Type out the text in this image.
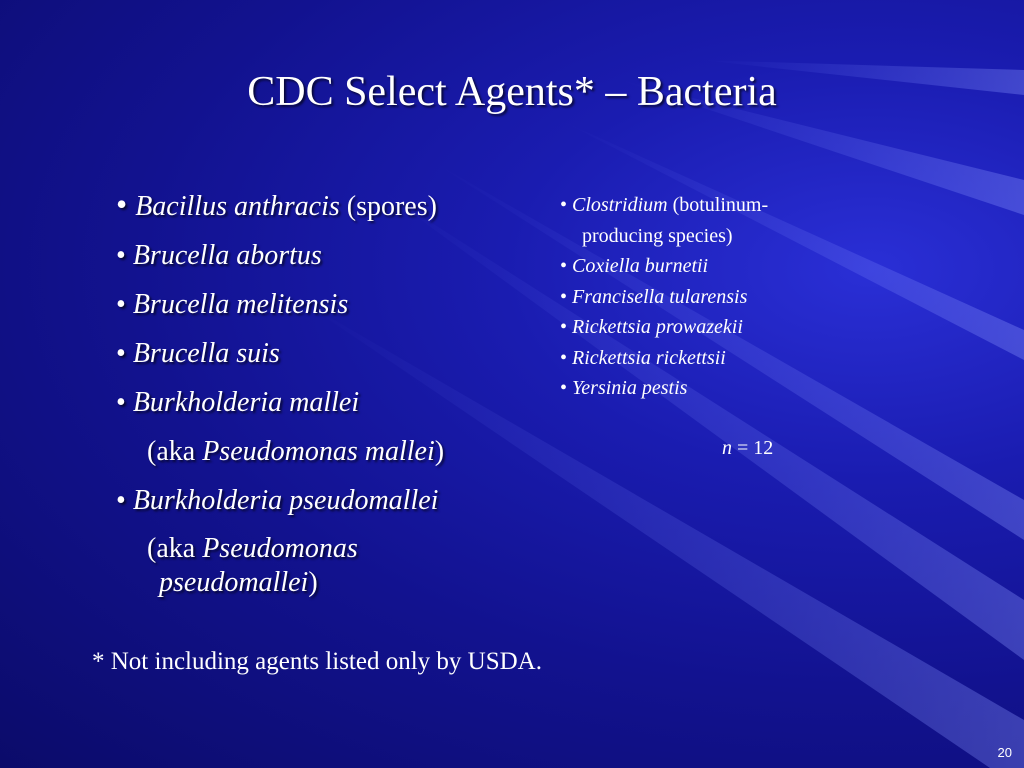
CDC Select Agents* – Bacteria
• Bacillus anthracis (spores)
• Brucella abortus
• Brucella melitensis
• Brucella suis
• Burkholderia mallei
(aka Pseudomonas mallei)
• Burkholderia pseudomallei
(aka Pseudomonas
pseudomallei)
• Clostridium (botulinum-
producing species)
• Coxiella burnetii
• Francisella tularensis
• Rickettsia prowazekii
• Rickettsia rickettsii
• Yersinia pestis
n = 12
* Not including agents listed only by USDA.
20
